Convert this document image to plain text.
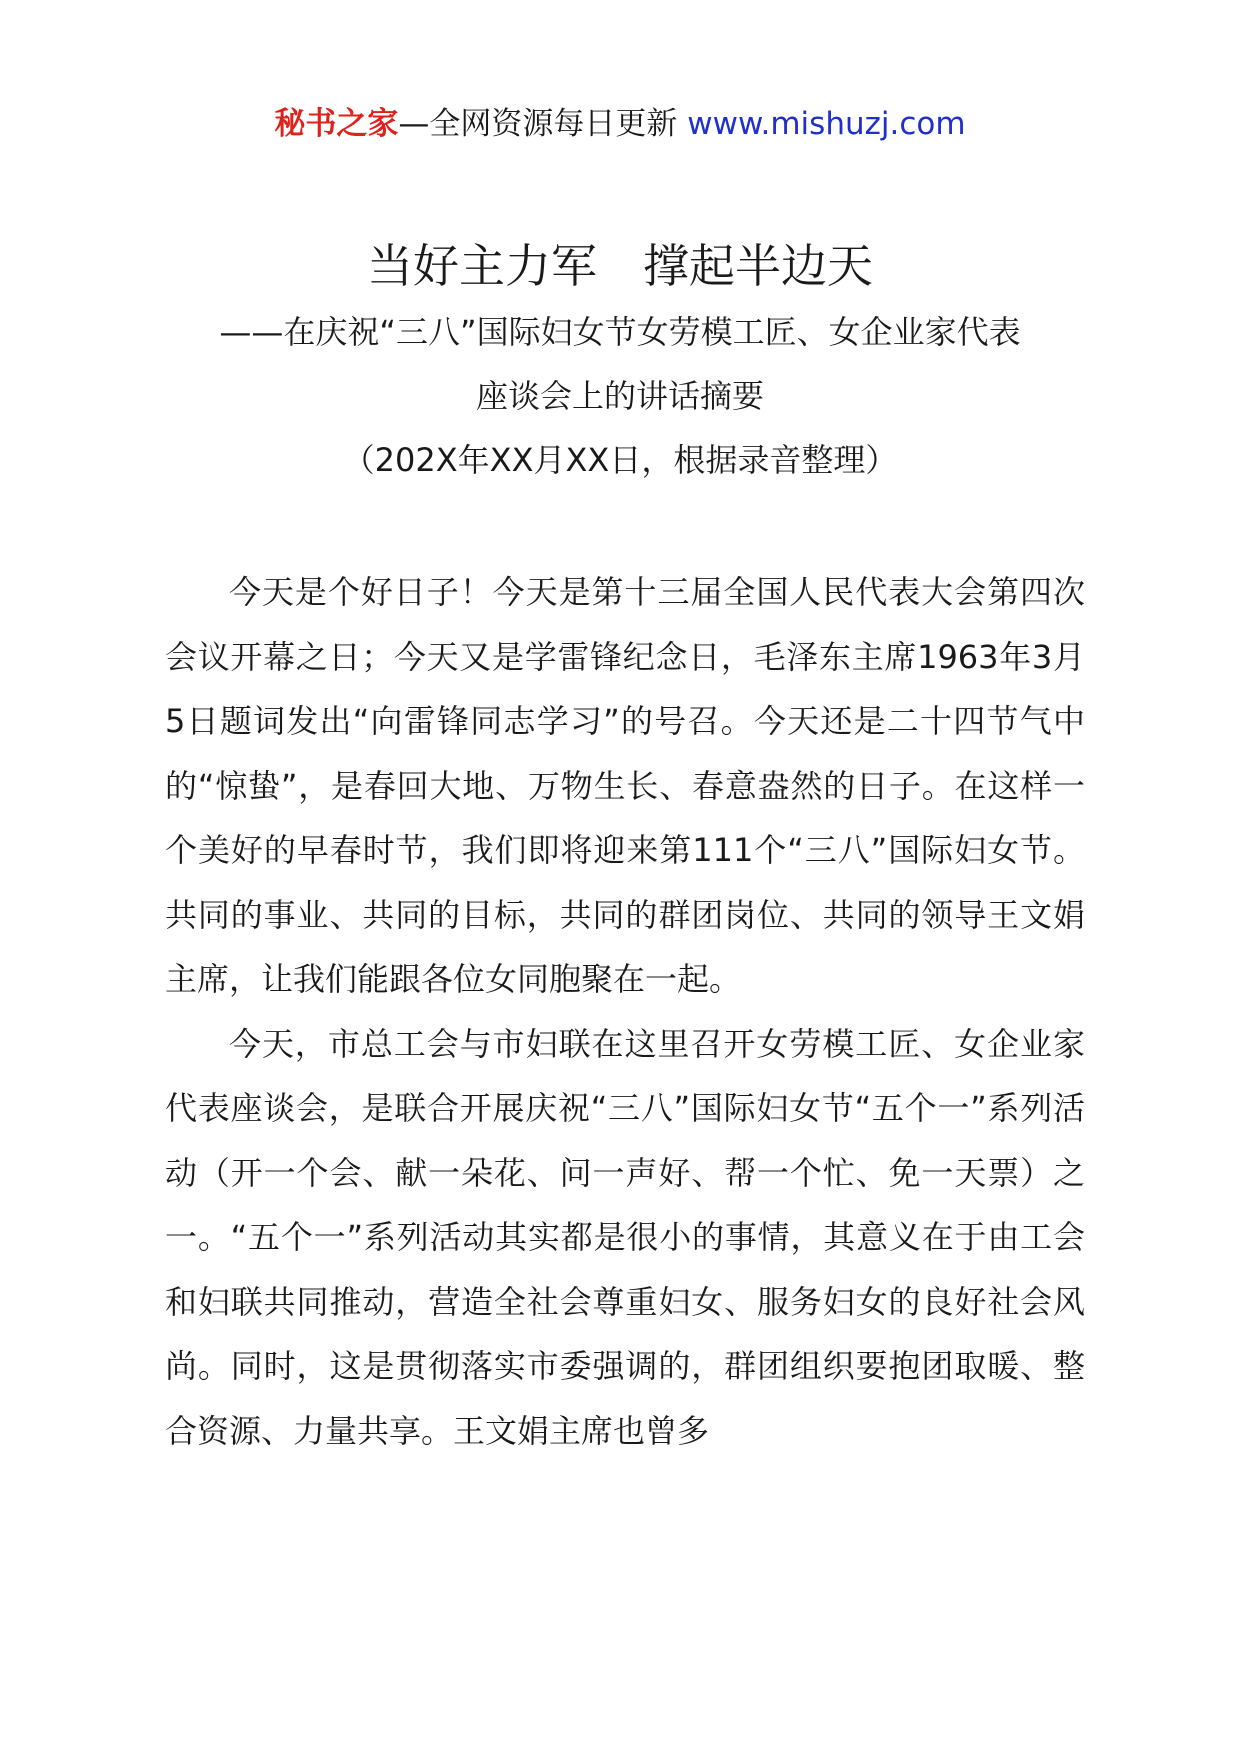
秘书之家—全网资源每日更新 www.mishuzj.com
当好主力军　撑起半边天
——在庆祝“三八”国际妇女节女劳模工匠、女企业家代表
座谈会上的讲话摘要
（202X年XX月XX日，根据录音整理）

今天是个好日子！今天是第十三届全国人民代表大会第四次会议开幕之日；今天又是学雷锋纪念日，毛泽东主席1963年3月5日题词发出“向雷锋同志学习”的号召。今天还是二十四节气中的“惊蛰”，是春回大地、万物生长、春意盎然的日子。在这样一个美好的早春时节，我们即将迎来第111个“三八”国际妇女节。共同的事业、共同的目标，共同的群团岗位、共同的领导王文娟主席，让我们能跟各位女同胞聚在一起。

今天，市总工会与市妇联在这里召开女劳模工匠、女企业家代表座谈会，是联合开展庆祝“三八”国际妇女节“五个一”系列活动（开一个会、献一朵花、问一声好、帮一个忙、免一天票）之一。“五个一”系列活动其实都是很小的事情，其意义在于由工会和妇联共同推动，营造全社会尊重妇女、服务妇女的良好社会风尚。同时，这是贯彻落实市委强调的，群团组织要抱团取暖、整合资源、力量共享。王文娟主席也曾多
